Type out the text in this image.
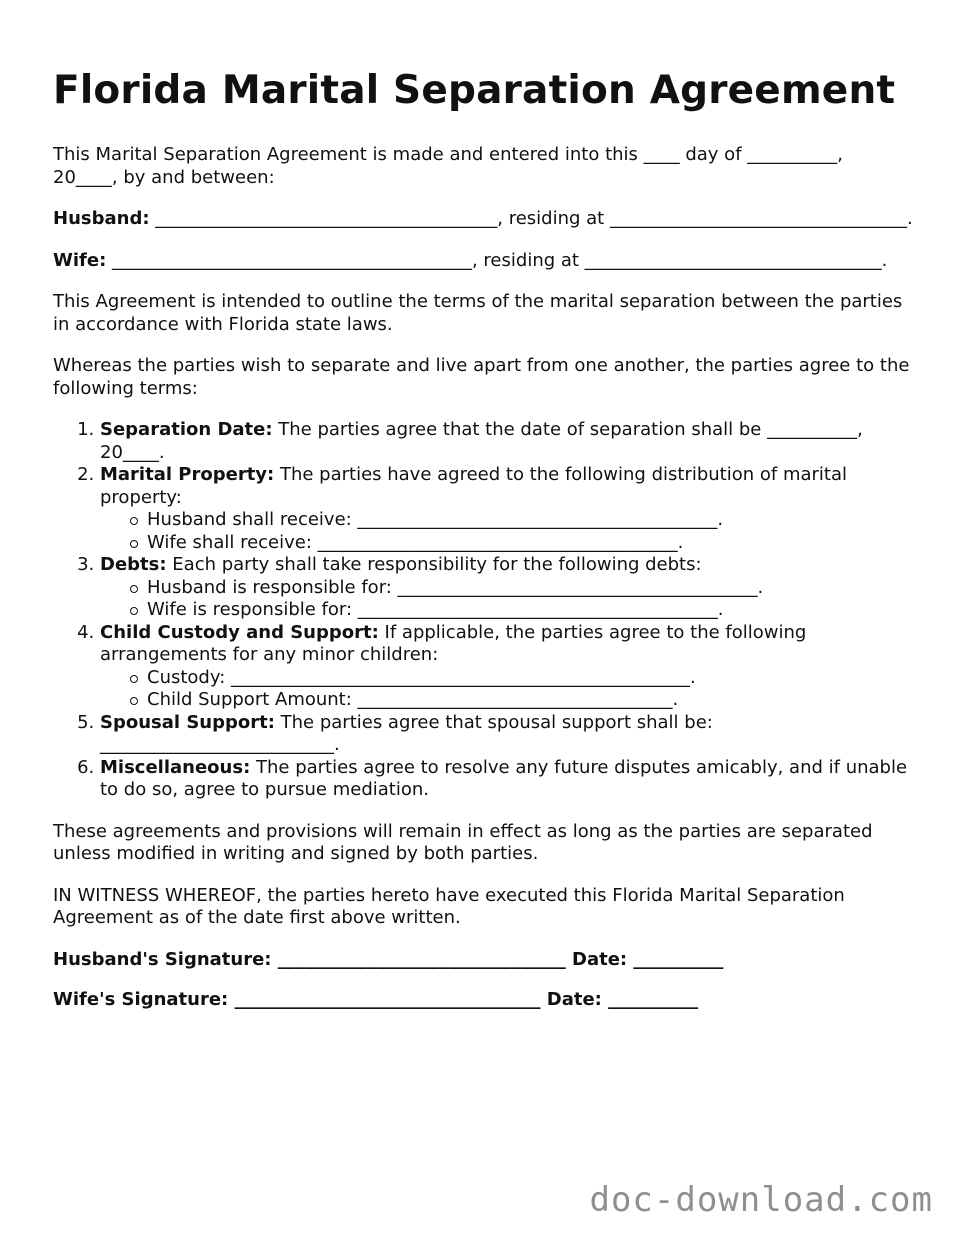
Florida Marital Separation Agreement

This Marital Separation Agreement is made and entered into this ____ day of __________, 20____, by and between:

Husband: ______________________________________, residing at _________________________________.

Wife: ________________________________________, residing at _________________________________.

This Agreement is intended to outline the terms of the marital separation between the parties in accordance with Florida state laws.

Whereas the parties wish to separate and live apart from one another, the parties agree to the following terms:

1. Separation Date: The parties agree that the date of separation shall be __________, 20____.
2. Marital Property: The parties have agreed to the following distribution of marital property:
Husband shall receive: ________________________________________.
Wife shall receive: ________________________________________.
3. Debts: Each party shall take responsibility for the following debts:
Husband is responsible for: ________________________________________.
Wife is responsible for: ________________________________________.
4. Child Custody and Support: If applicable, the parties agree to the following arrangements for any minor children:
Custody: ___________________________________________________.
Child Support Amount: ___________________________________.
5. Spousal Support: The parties agree that spousal support shall be: __________________________.
6. Miscellaneous: The parties agree to resolve any future disputes amicably, and if unable to do so, agree to pursue mediation.

These agreements and provisions will remain in effect as long as the parties are separated unless modified in writing and signed by both parties.

IN WITNESS WHEREOF, the parties hereto have executed this Florida Marital Separation Agreement as of the date first above written.

Husband's Signature: ________________________________ Date: __________
Wife's Signature: __________________________________ Date: __________
doc-download.com
